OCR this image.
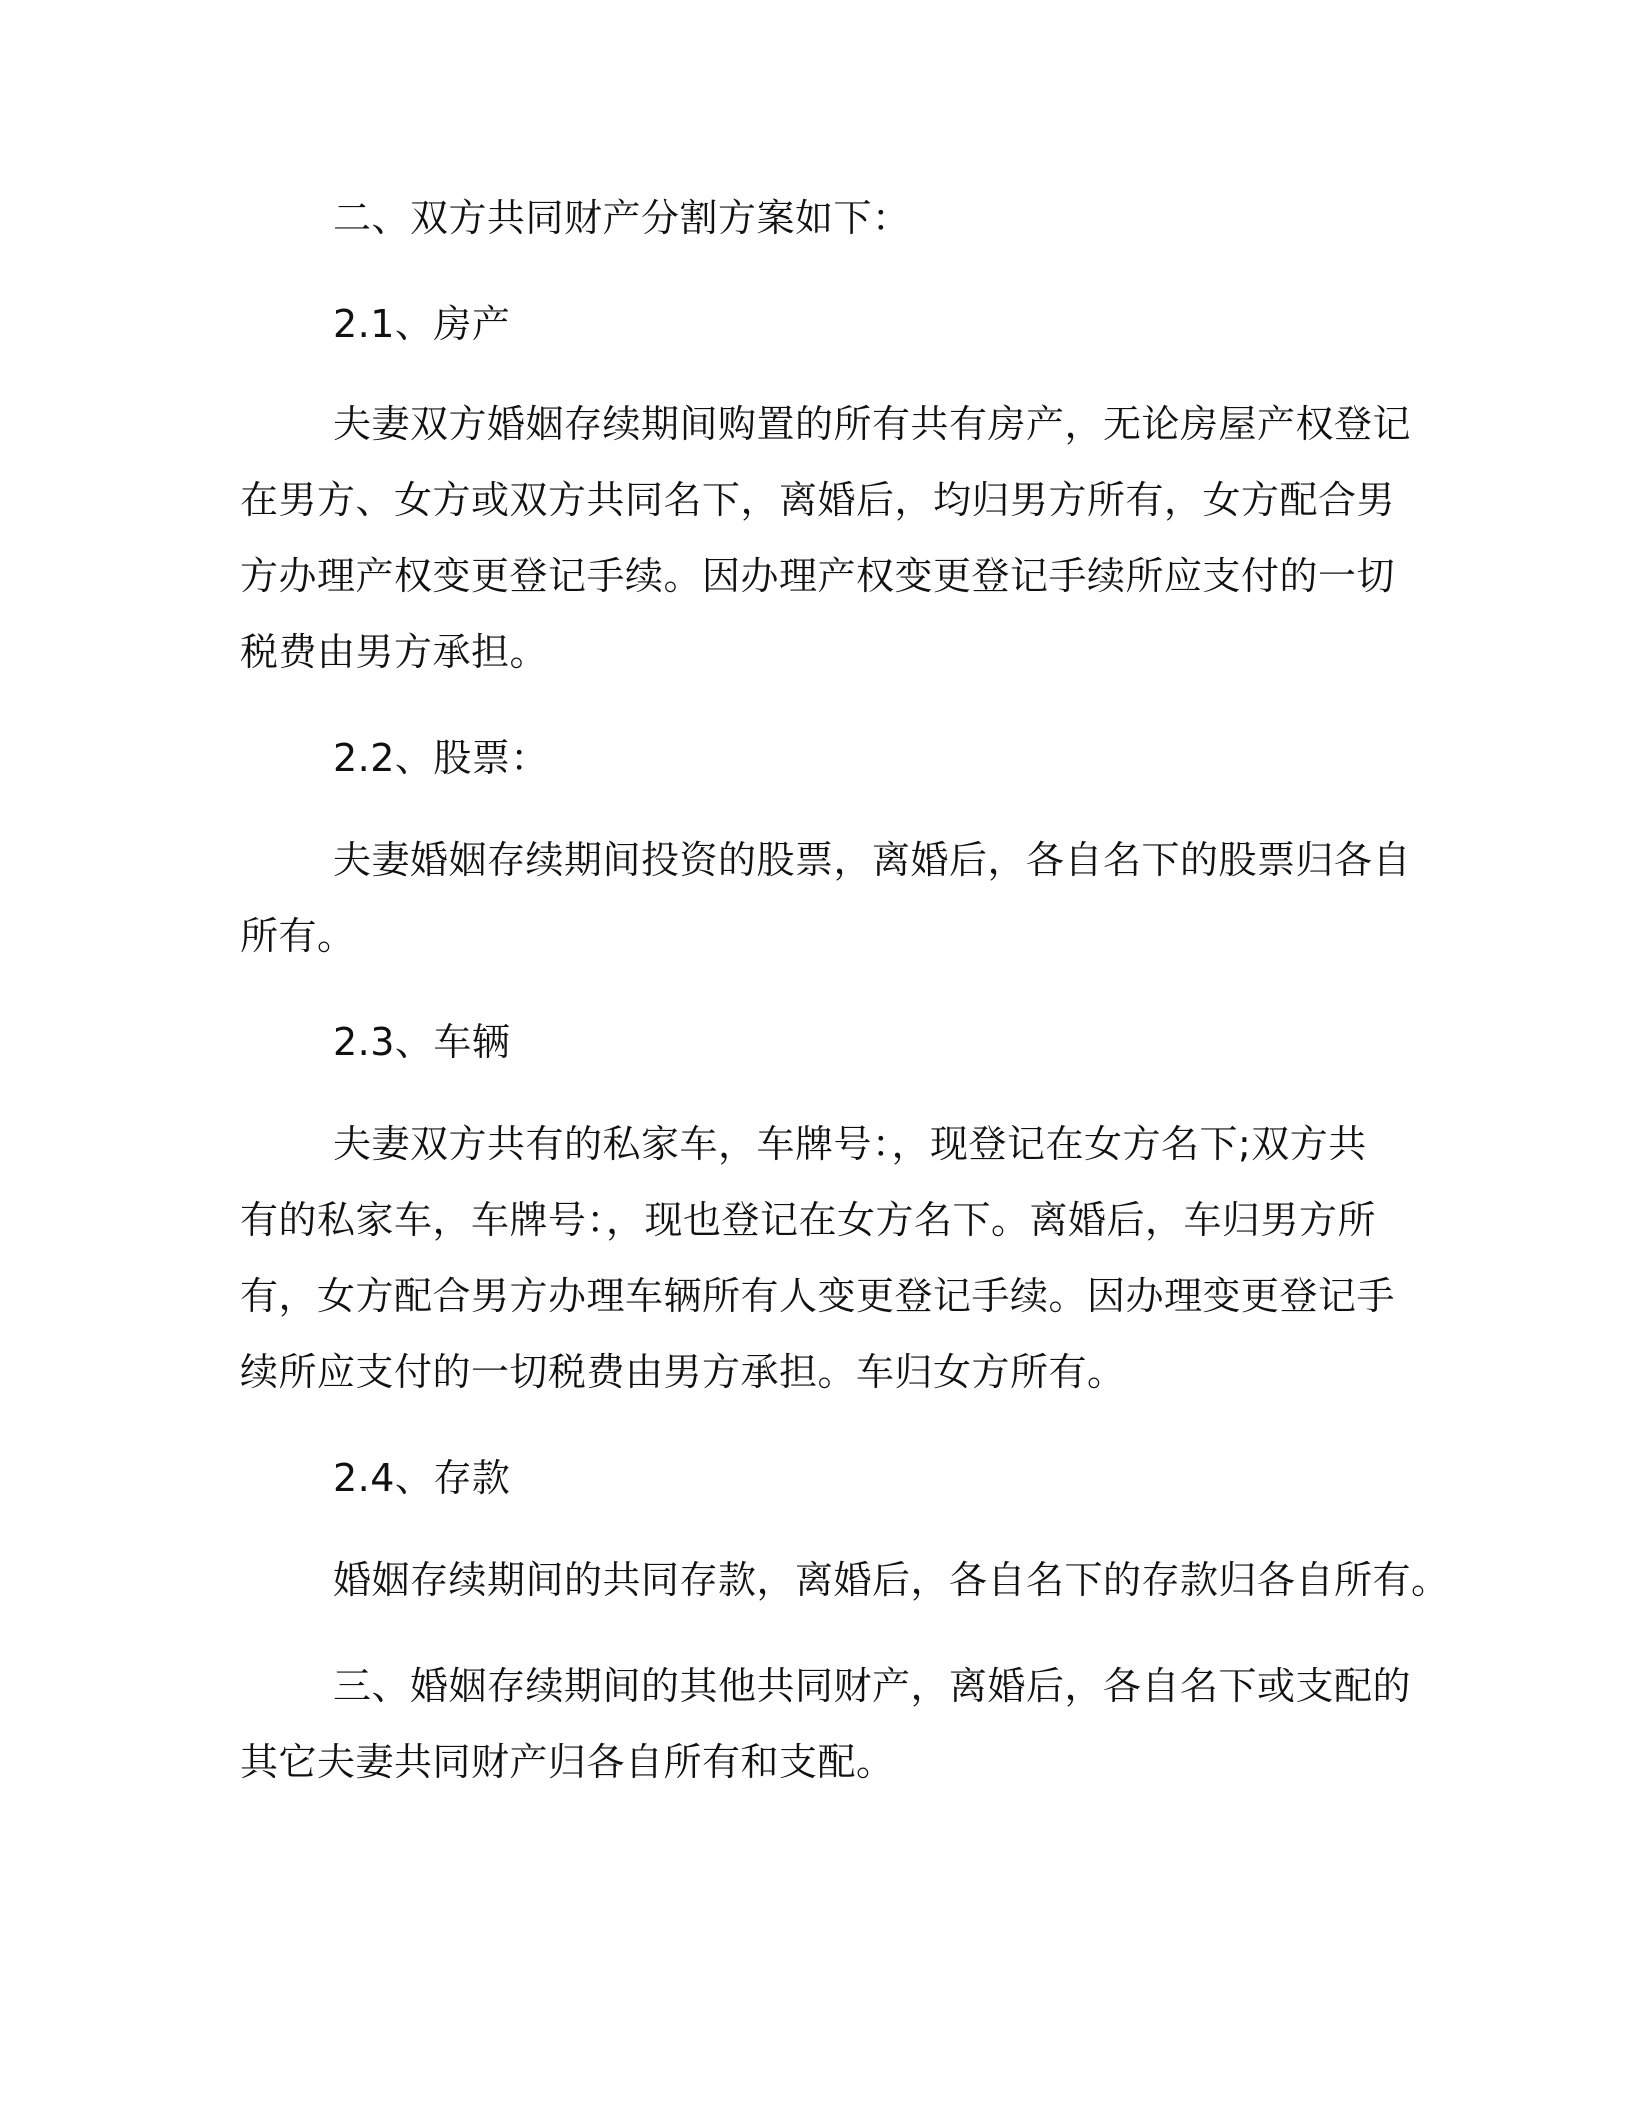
二、双方共同财产分割方案如下：
2.1、房产
夫妻双方婚姻存续期间购置的所有共有房产，无论房屋产权登记
在男方、女方或双方共同名下，离婚后，均归男方所有，女方配合男
方办理产权变更登记手续。因办理产权变更登记手续所应支付的一切
税费由男方承担。
2.2、股票：
夫妻婚姻存续期间投资的股票，离婚后，各自名下的股票归各自
所有。
2.3、车辆
夫妻双方共有的私家车，车牌号：，现登记在女方名下;双方共
有的私家车，车牌号：，现也登记在女方名下。离婚后，车归男方所
有，女方配合男方办理车辆所有人变更登记手续。因办理变更登记手
续所应支付的一切税费由男方承担。车归女方所有。
2.4、存款
婚姻存续期间的共同存款，离婚后，各自名下的存款归各自所有。
三、婚姻存续期间的其他共同财产，离婚后，各自名下或支配的
其它夫妻共同财产归各自所有和支配。
